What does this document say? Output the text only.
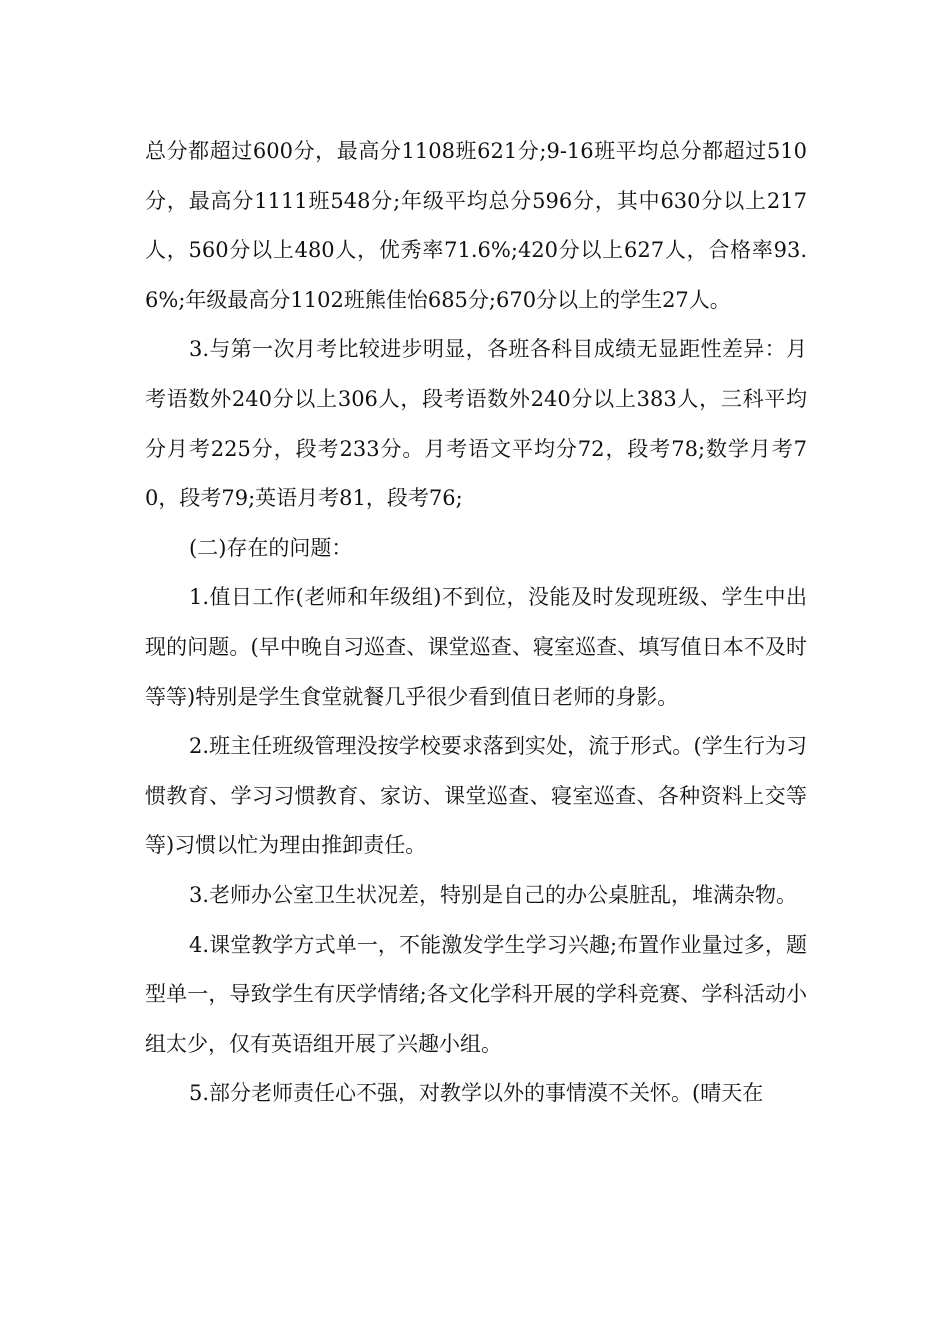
总分都超过600分，最高分1108班621分;9-16班平均总分都超过510分，最高分1111班548分;年级平均总分596分，其中630分以上217人，560分以上480人，优秀率71.6%;420分以上627人，合格率93.6%;年级最高分1102班熊佳怡685分;670分以上的学生27人。

3.与第一次月考比较进步明显，各班各科目成绩无显距性差异：月考语数外240分以上306人，段考语数外240分以上383人，三科平均分月考225分，段考233分。月考语文平均分72，段考78;数学月考70，段考79;英语月考81，段考76;

(二)存在的问题：

1.值日工作(老师和年级组)不到位，没能及时发现班级、学生中出现的问题。(早中晚自习巡查、课堂巡查、寝室巡查、填写值日本不及时等等)特别是学生食堂就餐几乎很少看到值日老师的身影。

2.班主任班级管理没按学校要求落到实处，流于形式。(学生行为习惯教育、学习习惯教育、家访、课堂巡查、寝室巡查、各种资料上交等等)习惯以忙为理由推卸责任。

3.老师办公室卫生状况差，特别是自己的办公桌脏乱，堆满杂物。

4.课堂教学方式单一，不能激发学生学习兴趣;布置作业量过多，题型单一，导致学生有厌学情绪;各文化学科开展的学科竞赛、学科活动小组太少，仅有英语组开展了兴趣小组。

5.部分老师责任心不强，对教学以外的事情漠不关怀。(晴天在
